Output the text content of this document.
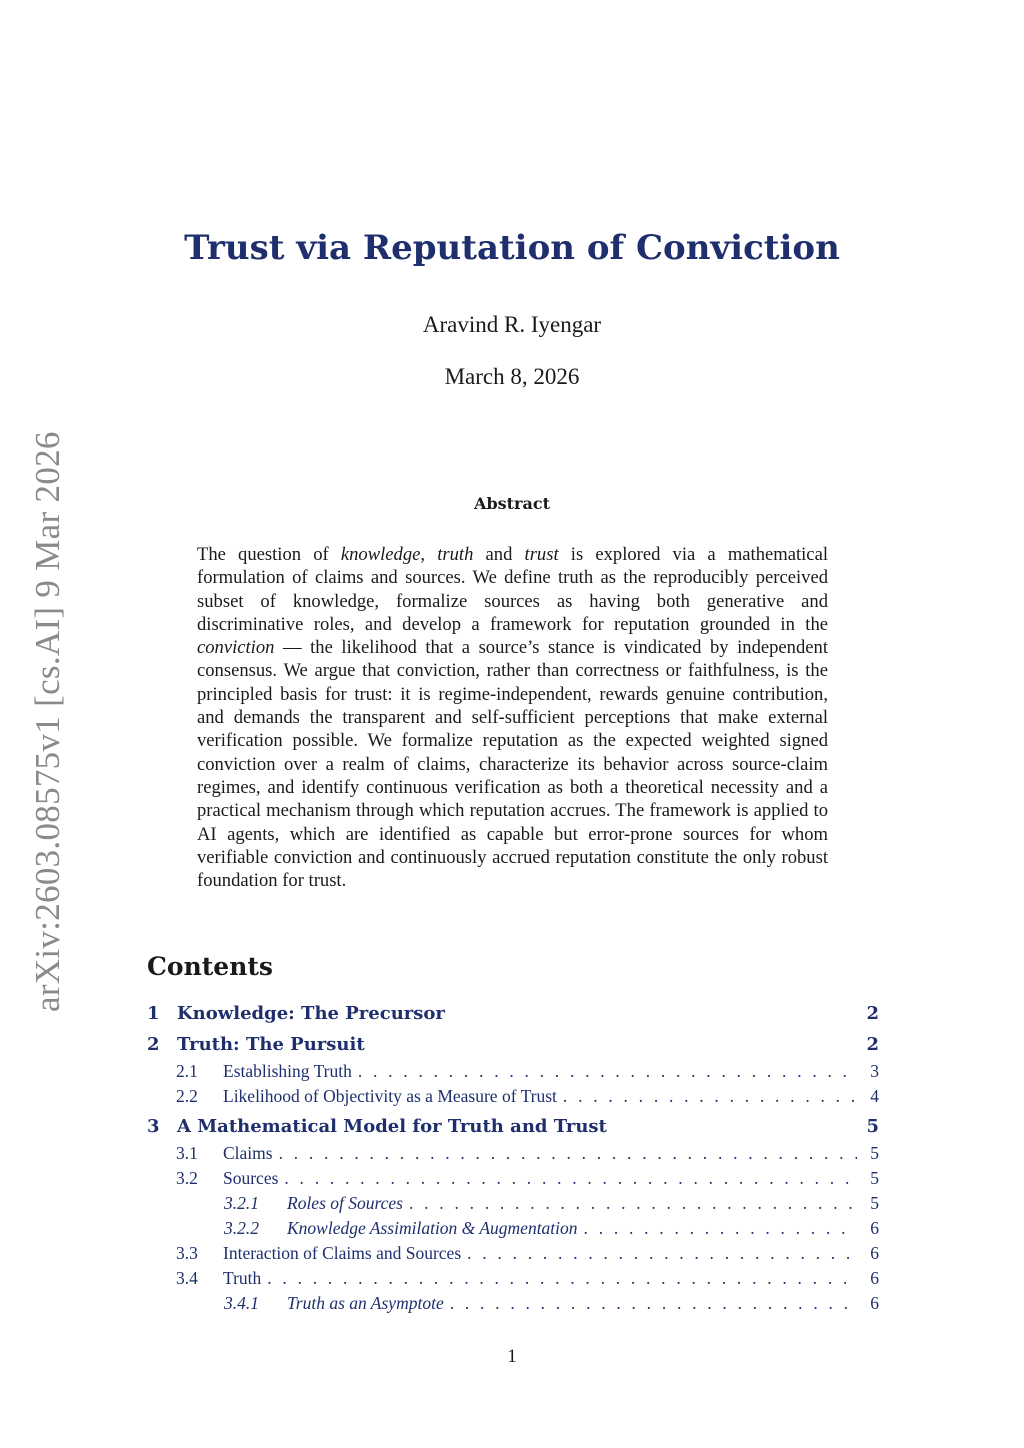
arXiv:2603.08575v1 [cs.AI] 9 Mar 2026
Trust via Reputation of Conviction
Aravind R. Iyengar
March 8, 2026
Abstract
The question of knowledge, truth and trust is explored via a mathematical formulation of claims and sources. We define truth as the reproducibly perceived subset of knowledge, formalize sources as having both generative and discriminative roles, and develop a framework for reputation grounded in the conviction — the likelihood that a source’s stance is vindicated by independent consensus. We argue that conviction, rather than correctness or faithfulness, is the principled basis for trust: it is regime-independent, rewards genuine contribution, and demands the transparent and self-sufficient perceptions that make external verification possible. We formalize reputation as the expected weighted signed conviction over a realm of claims, characterize its behavior across source-claim regimes, and identify continuous verification as both a theoretical necessity and a practical mechanism through which reputation accrues. The framework is applied to AI agents, which are identified as capable but error-prone sources for whom verifiable conviction and continuously accrued reputation constitute the only robust foundation for trust.
Contents
1 Knowledge: The Precursor	2
2 Truth: The Pursuit	2
2.1	Establishing Truth . . .	3
2.2	Likelihood of Objectivity as a Measure of Trust . . .	4
3 A Mathematical Model for Truth and Trust	5
3.1	Claims . . .	5
3.2	Sources . . .	5
3.2.1	Roles of Sources . . .	5
3.2.2	Knowledge Assimilation & Augmentation . . .	6
3.3	Interaction of Claims and Sources . . .	6
3.4	Truth . . .	6
3.4.1	Truth as an Asymptote . . .	6
1
